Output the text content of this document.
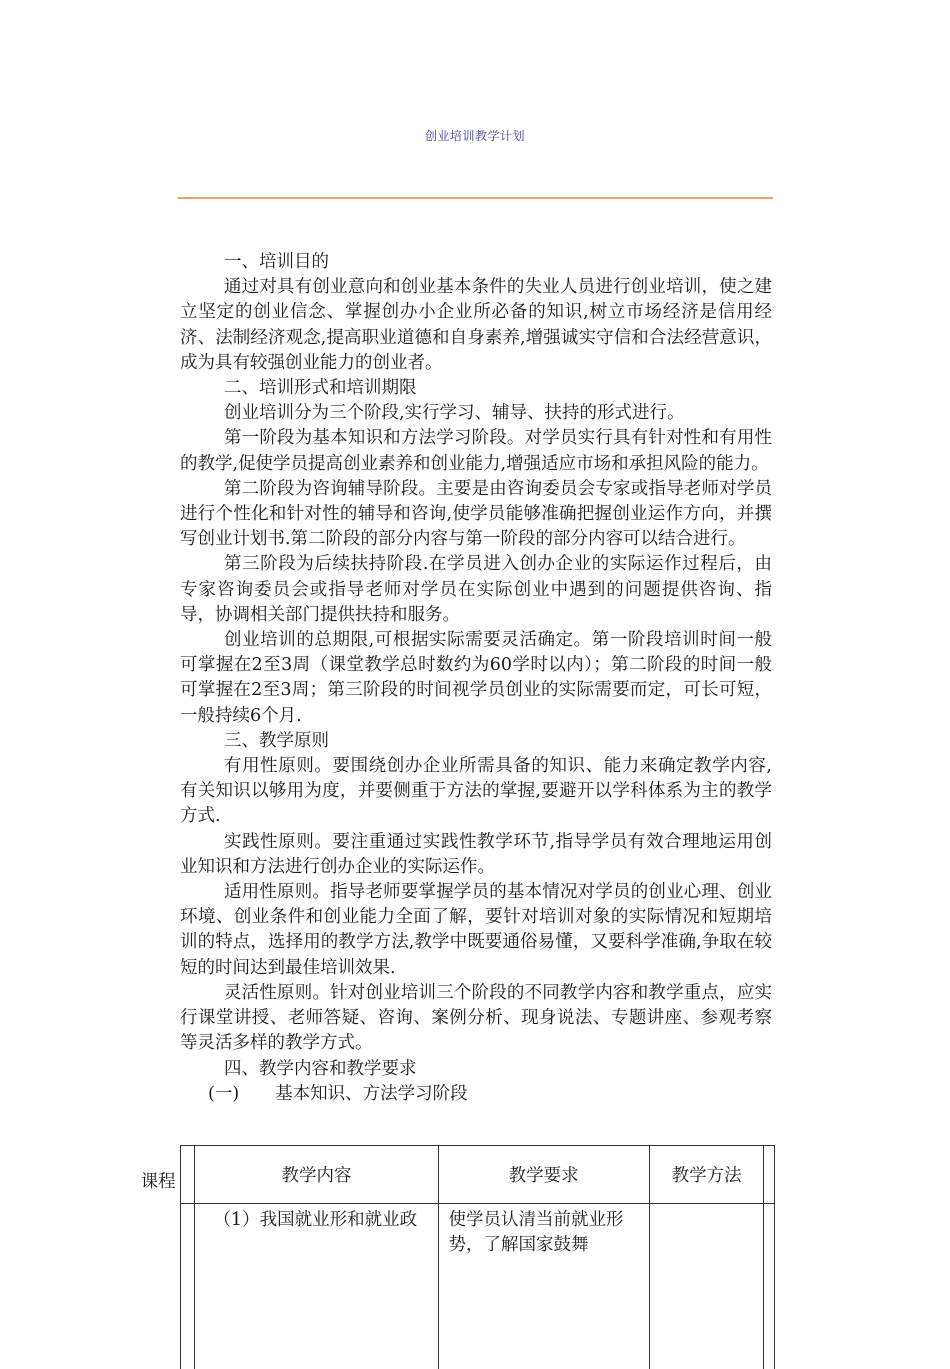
创业培训教学计划

一、培训目的

通过对具有创业意向和创业基本条件的失业人员进行创业培训，使之建立坚定的创业信念、掌握创办小企业所必备的知识,树立市场经济是信用经济、法制经济观念,提高职业道德和自身素养,增强诚实守信和合法经营意识，成为具有较强创业能力的创业者。

二、培训形式和培训期限

创业培训分为三个阶段,实行学习、辅导、扶持的形式进行。

第一阶段为基本知识和方法学习阶段。对学员实行具有针对性和有用性的教学,促使学员提高创业素养和创业能力,增强适应市场和承担风险的能力。

第二阶段为咨询辅导阶段。主要是由咨询委员会专家或指导老师对学员进行个性化和针对性的辅导和咨询,使学员能够准确把握创业运作方向，并撰写创业计划书.第二阶段的部分内容与第一阶段的部分内容可以结合进行。

第三阶段为后续扶持阶段.在学员进入创办企业的实际运作过程后，由专家咨询委员会或指导老师对学员在实际创业中遇到的问题提供咨询、指导，协调相关部门提供扶持和服务。

创业培训的总期限,可根据实际需要灵活确定。第一阶段培训时间一般可掌握在2至3周（课堂教学总时数约为60学时以内）；第二阶段的时间一般可掌握在2至3周；第三阶段的时间视学员创业的实际需要而定，可长可短，一般持续6个月.

三、教学原则

有用性原则。要围绕创办企业所需具备的知识、能力来确定教学内容,有关知识以够用为度，并要侧重于方法的掌握,要避开以学科体系为主的教学方式.

实践性原则。要注重通过实践性教学环节,指导学员有效合理地运用创业知识和方法进行创办企业的实际运作。

适用性原则。指导老师要掌握学员的基本情况对学员的创业心理、创业环境、创业条件和创业能力全面了解，要针对培训对象的实际情况和短期培训的特点，选择用的教学方法,教学中既要通俗易懂，又要科学准确,争取在较短的时间达到最佳培训效果.

灵活性原则。针对创业培训三个阶段的不同教学内容和教学重点，应实行课堂讲授、老师答疑、咨询、案例分析、现身说法、专题讲座、参观考察等灵活多样的教学方式。

四、教学内容和教学要求

(一) 基本知识、方法学习阶段

课程		教学内容	教学要求	教学方法	
		（1）我国就业形和就业政	使学员认清当前就业形势，了解国家鼓舞		
